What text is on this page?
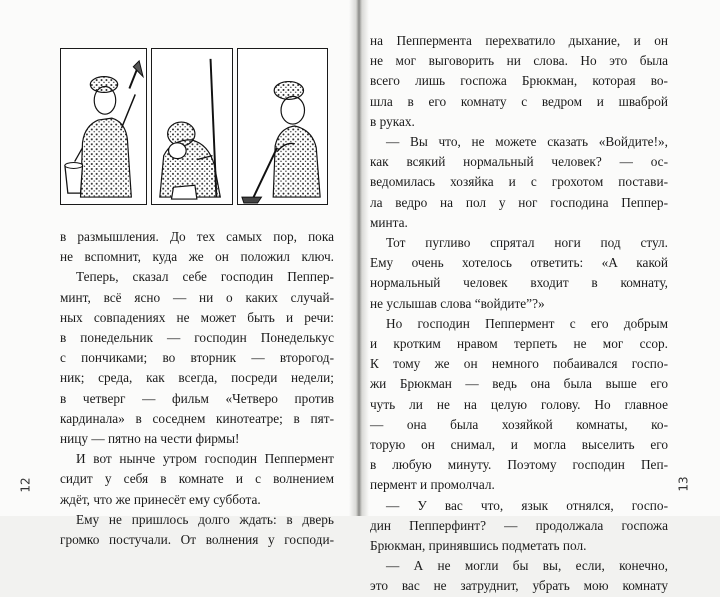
в размышления. До тех самых пор, пока
не вспомнит, куда же он положил ключ.
Теперь, сказал себе господин Пеппер-
минт, всё ясно — ни о каких случай-
ных совпадениях не может быть и речи:
в понедельник — господин Понеделькус
с пончиками; во вторник — второгод-
ник; среда, как всегда, посреди недели;
в четверг — фильм «Четверо против
кардинала» в соседнем кинотеатре; в пят-
ницу — пятно на чести фирмы!
И вот нынче утром господин Пеппермент
сидит у себя в комнате и с волнением
ждёт, что же принесёт ему суббота.
Ему не пришлось долго ждать: в дверь
громко постучали. От волнения у господи-
на Пеппермента перехватило дыхание, и он
не мог выговорить ни слова. Но это была
всего лишь госпожа Брюкман, которая во-
шла в его комнату с ведром и шваброй
в руках.
— Вы что, не можете сказать «Войдите!»,
как всякий нормальный человек? — ос-
ведомилась хозяйка и с грохотом постави-
ла ведро на пол у ног господина Пеппер-
минта.
Тот пугливо спрятал ноги под стул.
Ему очень хотелось ответить: «А какой
нормальный человек входит в комнату,
не услышав слова “войдите”?»
Но господин Пеппермент с его добрым
и кротким нравом терпеть не мог ссор.
К тому же он немного побаивался госпо-
жи Брюкман — ведь она была выше его
чуть ли не на целую голову. Но главное
— она была хозяйкой комнаты, ко-
торую он снимал, и могла выселить его
в любую минуту. Поэтому господин Пеп-
пермент и промолчал.
— У вас что, язык отнялся, госпо-
дин Пепперфинт? — продолжала госпожа
Брюкман, принявшись подметать пол.
— А не могли бы вы, если, конечно,
это вас не затруднит, убрать мою комнату
12	13
